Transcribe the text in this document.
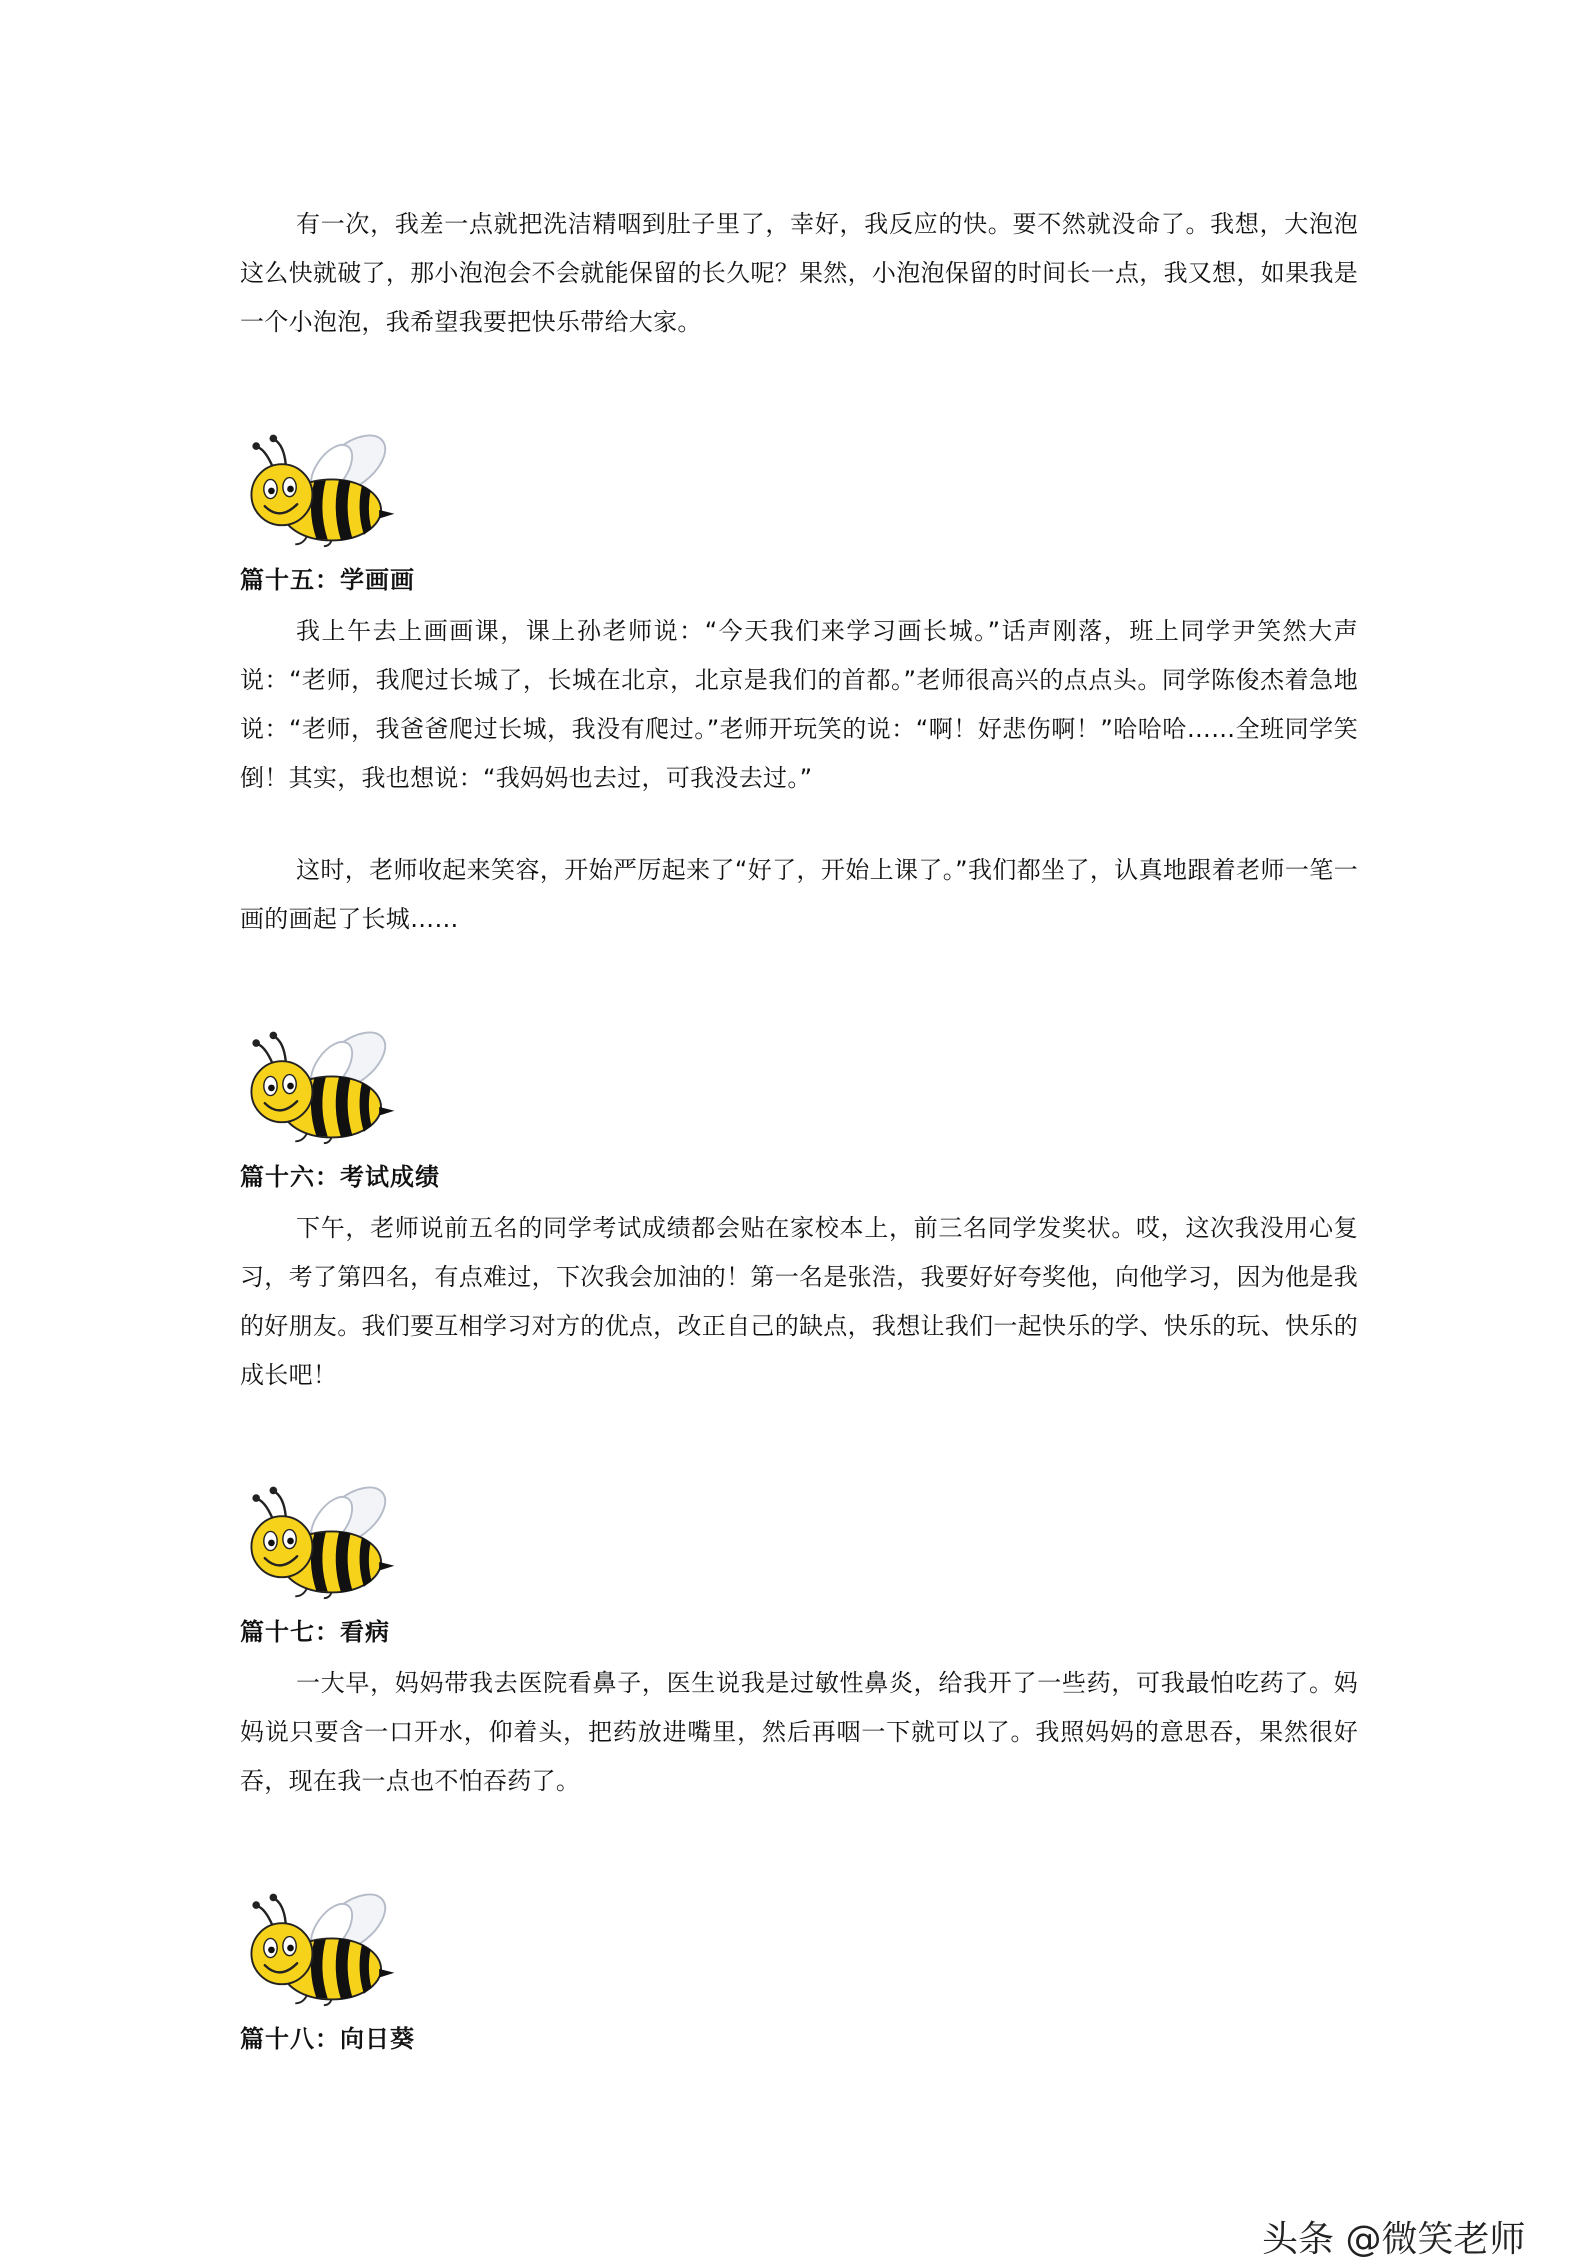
有一次，我差一点就把洗洁精咽到肚子里了，幸好，我反应的快。要不然就没命了。我想，大泡泡这么快就破了，那小泡泡会不会就能保留的长久呢？果然，小泡泡保留的时间长一点，我又想，如果我是一个小泡泡，我希望我要把快乐带给大家。

篇十五：学画画

我上午去上画画课，课上孙老师说：“今天我们来学习画长城。”话声刚落，班上同学尹笑然大声说：“老师，我爬过长城了，长城在北京，北京是我们的首都。”老师很高兴的点点头。同学陈俊杰着急地说：“老师，我爸爸爬过长城，我没有爬过。”老师开玩笑的说：“啊！好悲伤啊！”哈哈哈……全班同学笑倒！其实，我也想说：“我妈妈也去过，可我没去过。”

这时，老师收起来笑容，开始严厉起来了“好了，开始上课了。”我们都坐了，认真地跟着老师一笔一画的画起了长城……

篇十六：考试成绩

下午，老师说前五名的同学考试成绩都会贴在家校本上，前三名同学发奖状。哎，这次我没用心复习，考了第四名，有点难过，下次我会加油的！第一名是张浩，我要好好夸奖他，向他学习，因为他是我的好朋友。我们要互相学习对方的优点，改正自己的缺点，我想让我们一起快乐的学、快乐的玩、快乐的成长吧！

篇十七：看病

一大早，妈妈带我去医院看鼻子，医生说我是过敏性鼻炎，给我开了一些药，可我最怕吃药了。妈妈说只要含一口开水，仰着头，把药放进嘴里，然后再咽一下就可以了。我照妈妈的意思吞，果然很好吞，现在我一点也不怕吞药了。

篇十八：向日葵
头条 @微笑老师
